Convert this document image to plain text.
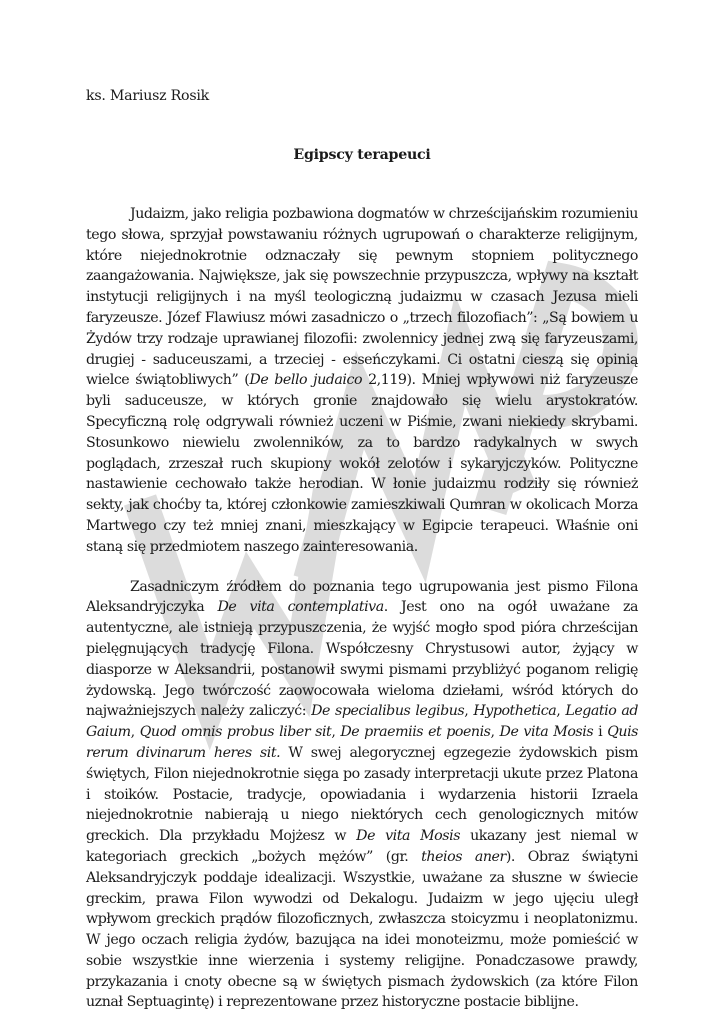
ks. Mariusz Rosik
Egipscy terapeuci

Judaizm, jako religia pozbawiona dogmatów w chrześcijańskim rozumieniu tego słowa, sprzyjał powstawaniu różnych ugrupowań o charakterze religijnym, które niejednokrotnie odznaczały się pewnym stopniem politycznego zaangażowania. Największe, jak się powszechnie przypuszcza, wpływy na kształt instytucji religijnych i na myśl teologiczną judaizmu w czasach Jezusa mieli faryzeusze. Józef Flawiusz mówi zasadniczo o „trzech filozofiach”: „Są bowiem u Żydów trzy rodzaje uprawianej filozofii: zwolennicy jednej zwą się faryzeuszami, drugiej - saduceuszami, a trzeciej - esseńczykami. Ci ostatni cieszą się opinią wielce świątobliwych” (De bello judaico 2,119). Mniej wpływowi niż faryzeusze byli saduceusze, w których gronie znajdowało się wielu arystokratów. Specyficzną rolę odgrywali również uczeni w Piśmie, zwani niekiedy skrybami. Stosunkowo niewielu zwolenników, za to bardzo radykalnych w swych poglądach, zrzeszał ruch skupiony wokół zelotów i sykaryjczyków. Polityczne nastawienie cechowało także herodian. W łonie judaizmu rodziły się również sekty, jak choćby ta, której członkowie zamieszkiwali Qumran w okolicach Morza Martwego czy też mniej znani, mieszkający w Egipcie terapeuci. Właśnie oni staną się przedmiotem naszego zainteresowania.

Zasadniczym źródłem do poznania tego ugrupowania jest pismo Filona Aleksandryjczyka De vita contemplativa. Jest ono na ogół uważane za autentyczne, ale istnieją przypuszczenia, że wyjść mogło spod pióra chrześcijan pielęgnujących tradycję Filona. Współczesny Chrystusowi autor, żyjący w diasporze w Aleksandrii, postanowił swymi pismami przybliżyć poganom religię żydowską. Jego twórczość zaowocowała wieloma dziełami, wśród których do najważniejszych należy zaliczyć: De specialibus legibus, Hypothetica, Legatio ad Gaium, Quod omnis probus liber sit, De praemiis et poenis, De vita Mosis i Quis rerum divinarum heres sit. W swej alegorycznej egzegezie żydowskich pism świętych, Filon niejednokrotnie sięga po zasady interpretacji ukute przez Platona i stoików. Postacie, tradycje, opowiadania i wydarzenia historii Izraela niejednokrotnie nabierają u niego niektórych cech genologicznych mitów greckich. Dla przykładu Mojżesz w De vita Mosis ukazany jest niemal w kategoriach greckich „bożych mężów” (gr. theios aner). Obraz świątyni Aleksandryjczyk poddaje idealizacji. Wszystkie, uważane za słuszne w świecie greckim, prawa Filon wywodzi od Dekalogu. Judaizm w jego ujęciu uległ wpływom greckich prądów filozoficznych, zwłaszcza stoicyzmu i neoplatonizmu. W jego oczach religia żydów, bazująca na idei monoteizmu, może pomieścić w sobie wszystkie inne wierzenia i systemy religijne. Ponadczasowe prawdy, przykazania i cnoty obecne są w świętych pismach żydowskich (za które Filon uznał Septuagintę) i reprezentowane przez historyczne postacie biblijne.
